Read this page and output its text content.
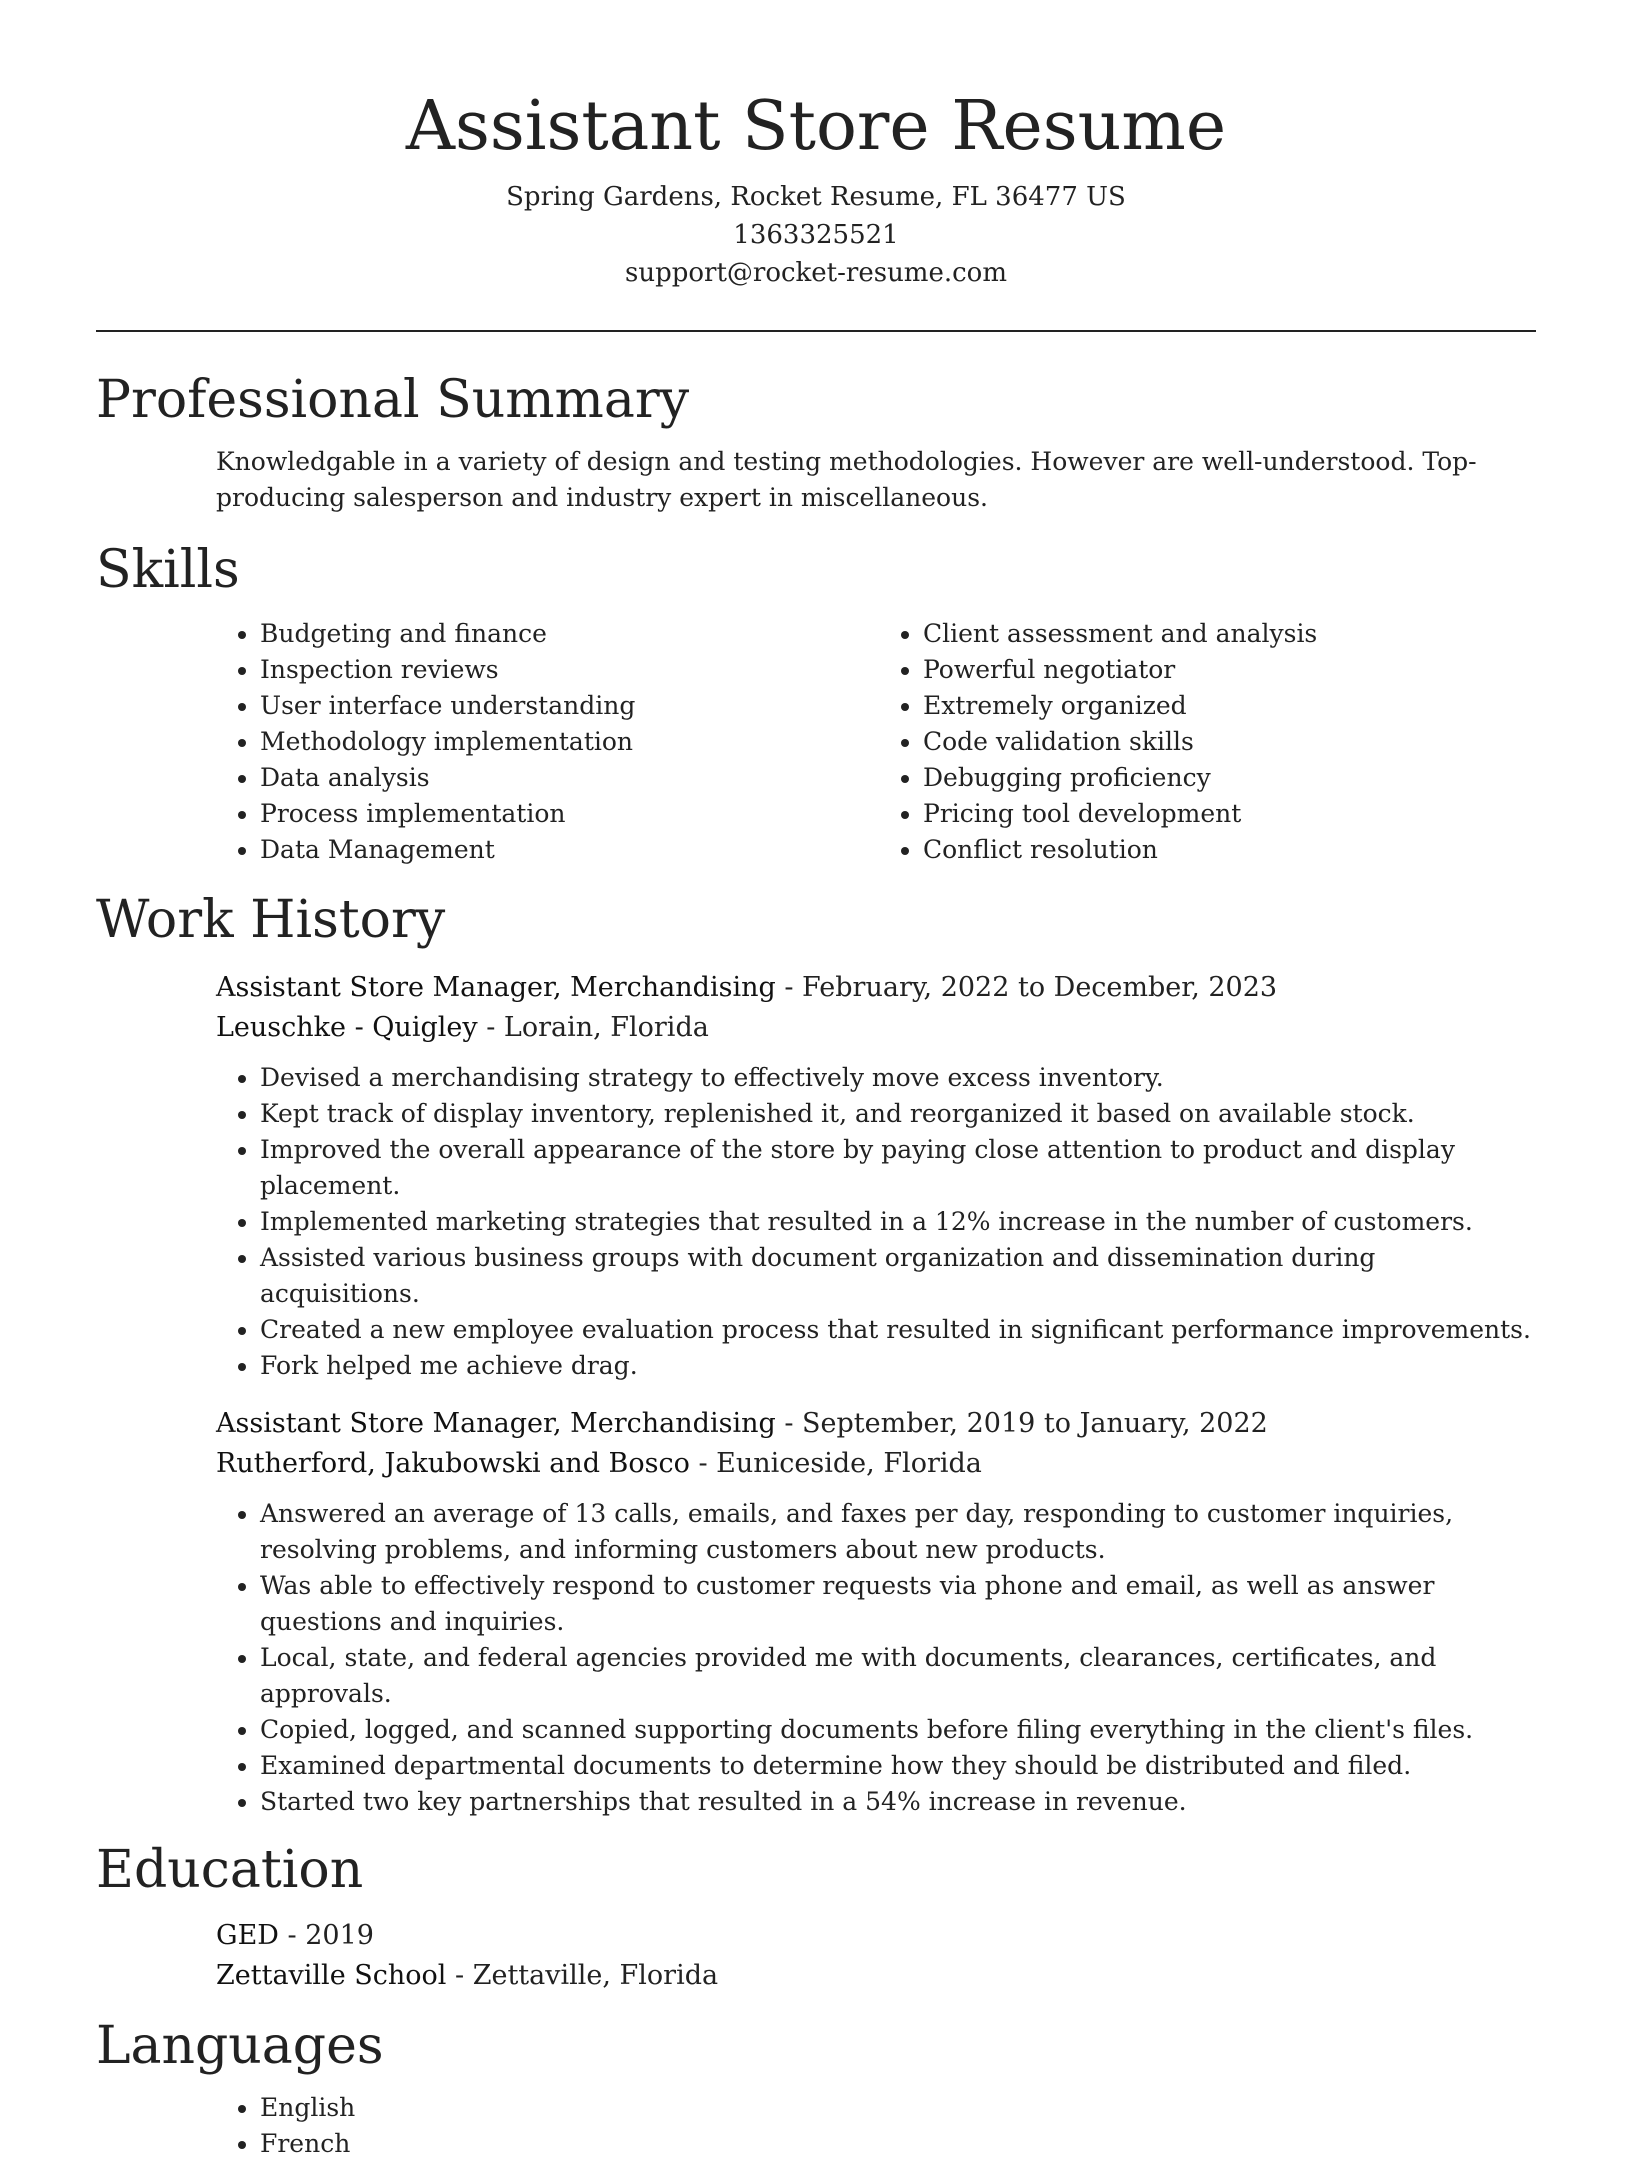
Assistant Store Resume
Spring Gardens, Rocket Resume, FL 36477 US
1363325521
support@rocket-resume.com
Professional Summary
Knowledgable in a variety of design and testing methodologies. However are well-understood. Top-producing salesperson and industry expert in miscellaneous.
Skills
• Budgeting and finance
• Inspection reviews
• User interface understanding
• Methodology implementation
• Data analysis
• Process implementation
• Data Management
• Client assessment and analysis
• Powerful negotiator
• Extremely organized
• Code validation skills
• Debugging proficiency
• Pricing tool development
• Conflict resolution
Work History
Assistant Store Manager, Merchandising - February, 2022 to December, 2023
Leuschke - Quigley - Lorain, Florida
• Devised a merchandising strategy to effectively move excess inventory.
• Kept track of display inventory, replenished it, and reorganized it based on available stock.
• Improved the overall appearance of the store by paying close attention to product and display placement.
• Implemented marketing strategies that resulted in a 12% increase in the number of customers.
• Assisted various business groups with document organization and dissemination during acquisitions.
• Created a new employee evaluation process that resulted in significant performance improvements.
• Fork helped me achieve drag.
Assistant Store Manager, Merchandising - September, 2019 to January, 2022
Rutherford, Jakubowski and Bosco - Euniceside, Florida
• Answered an average of 13 calls, emails, and faxes per day, responding to customer inquiries, resolving problems, and informing customers about new products.
• Was able to effectively respond to customer requests via phone and email, as well as answer questions and inquiries.
• Local, state, and federal agencies provided me with documents, clearances, certificates, and approvals.
• Copied, logged, and scanned supporting documents before filing everything in the client's files.
• Examined departmental documents to determine how they should be distributed and filed.
• Started two key partnerships that resulted in a 54% increase in revenue.
Education
GED - 2019
Zettaville School - Zettaville, Florida
Languages
• English
• French
